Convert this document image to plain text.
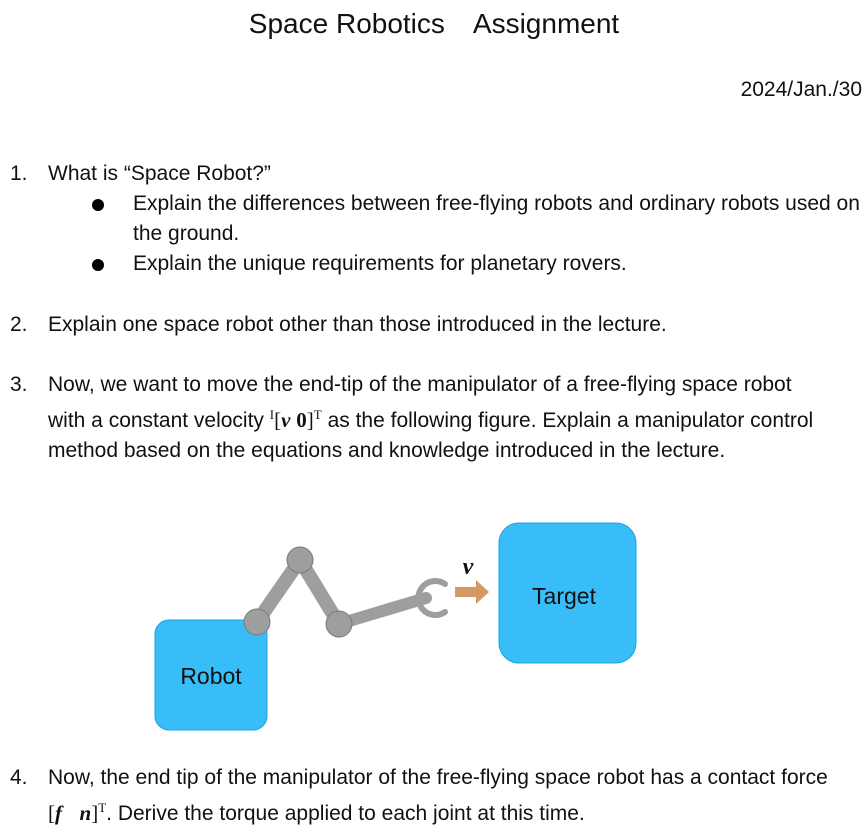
Space Robotics　Assignment
2024/Jan./30
1. What is “Space Robot?”
Explain the differences between free-flying robots and ordinary robots used on the ground.
Explain the unique requirements for planetary rovers.
2. Explain one space robot other than those introduced in the lecture.
3. Now, we want to move the end-tip of the manipulator of a free-flying space robot with a constant velocity $^I$[v 0]$^T$ as the following figure. Explain a manipulator control method based on the equations and knowledge introduced in the lecture.
Robot
Target
v
4. Now, the end tip of the manipulator of the free-flying space robot has a contact force [f n]$^T$. Derive the torque applied to each joint at this time.
